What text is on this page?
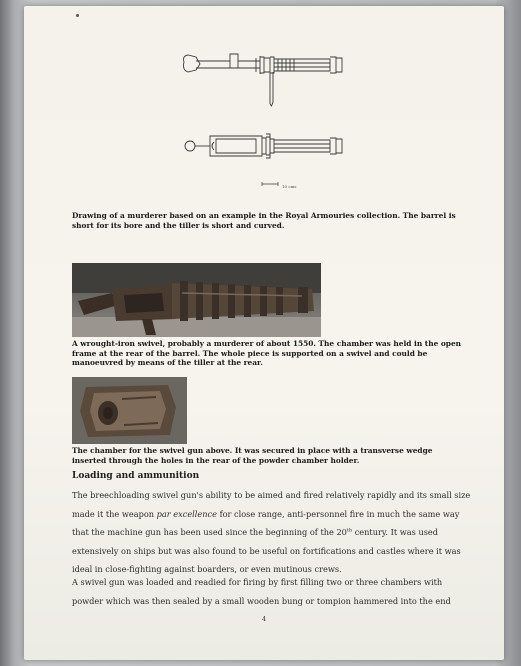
10 cms

Drawing of a murderer based on an example in the Royal Armouries collection. The barrel is short for its bore and the tiller is short and curved.

A wrought-iron swivel, probably a murderer of about 1550. The chamber was held in the open frame at the rear of the barrel. The whole piece is supported on a swivel and could be manoeuvred by means of the tiller at the rear.

The chamber for the swivel gun above. It was secured in place with a transverse wedge inserted through the holes in the rear of the powder chamber holder.

Loading and ammunition

The breechloading swivel gun's ability to be aimed and fired relatively rapidly and its small size made it the weapon par excellence for close range, anti-personnel fire in much the same way that the machine gun has been used since the beginning of the 20th century. It was used extensively on ships but was also found to be useful on fortifications and castles where it was ideal in close-fighting against boarders, or even mutinous crews.

A swivel gun was loaded and readied for firing by first filling two or three chambers with powder which was then sealed by a small wooden bung or tompion hammered into the end

4
